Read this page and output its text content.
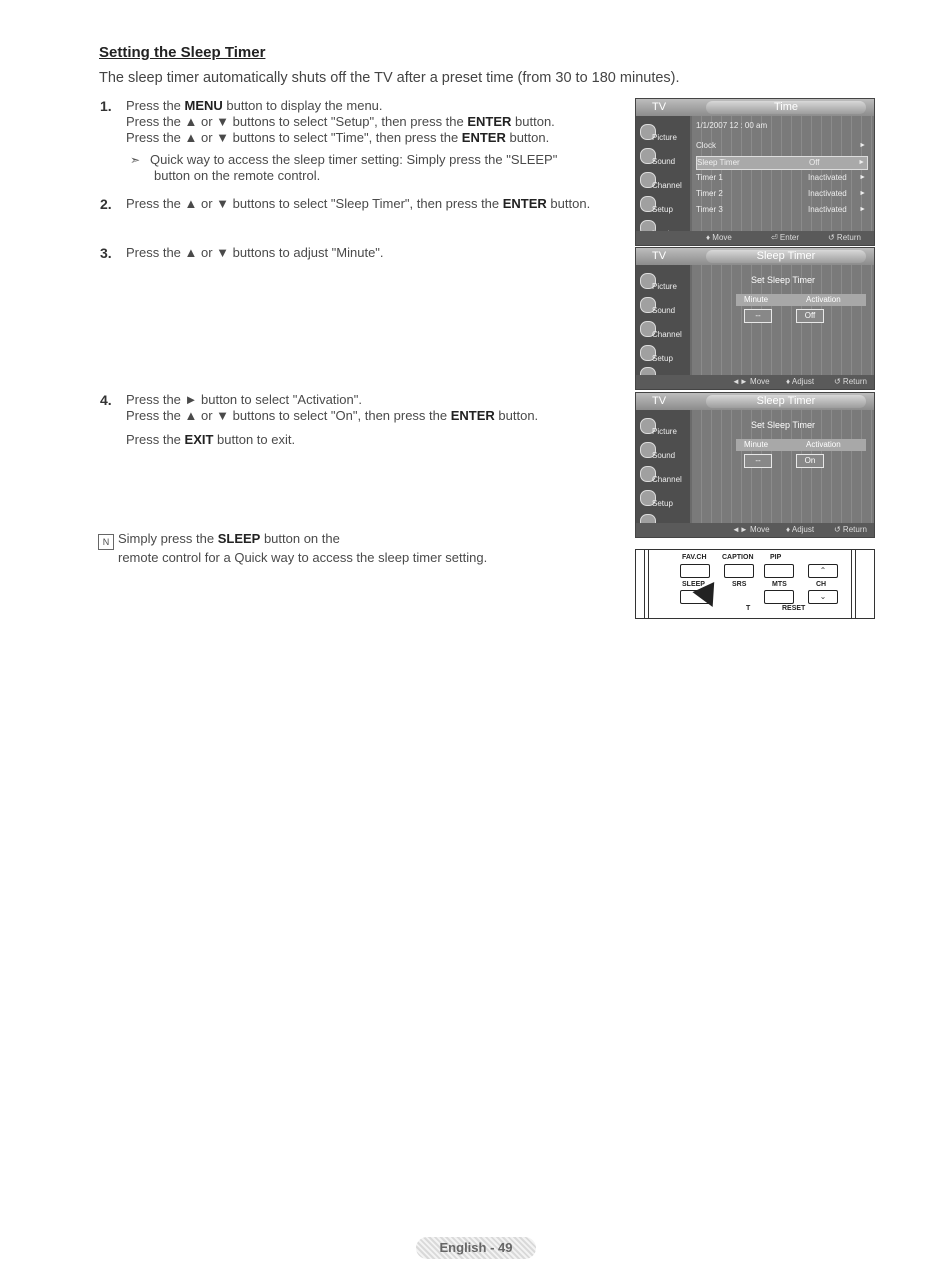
Setting the Sleep Timer
The sleep timer automatically shuts off the TV after a preset time (from 30 to 180 minutes).
1. Press the MENU button to display the menu.
Press the ▲ or ▼ buttons to select "Setup", then press the ENTER button.
Press the ▲ or ▼ buttons to select "Time", then press the ENTER button.
➣ Quick way to access the sleep timer setting: Simply press the "SLEEP"
button on the remote control.
2. Press the ▲ or ▼ buttons to select "Sleep Timer", then press the ENTER button.
3. Press the ▲ or ▼ buttons to adjust "Minute".
4. Press the ► button to select "Activation".
Press the ▲ or ▼ buttons to select "On", then press the ENTER button.
Press the EXIT button to exit.
N Simply press the SLEEP button on the
remote control for a Quick way to access the sleep timer setting.
TV	Time
Picture
Sound
Channel
Setup
1/1/2007 12 : 00 am
Clock	►
Sleep Timer	Off	►
Timer 1	Inactivated ►
Timer 2	Inactivated ►
Timer 3	Inactivated ►
♦ Move	⏎ Enter	↺ Return
TV	Sleep Timer
Picture
Sound
Channel
Setup
Set Sleep Timer
Minute	Activation
--	Off
◄► Move ♦ Adjust ↺ Return
TV	Sleep Timer
Picture
Sound
Channel
Setup
Set Sleep Timer
Minute	Activation
--	On
◄► Move ♦ Adjust ↺ Return
FAV.CH CAPTION PIP
⌃
SLEEP	SRS	MTS	CH
⌄
T	RESET
English - 49
